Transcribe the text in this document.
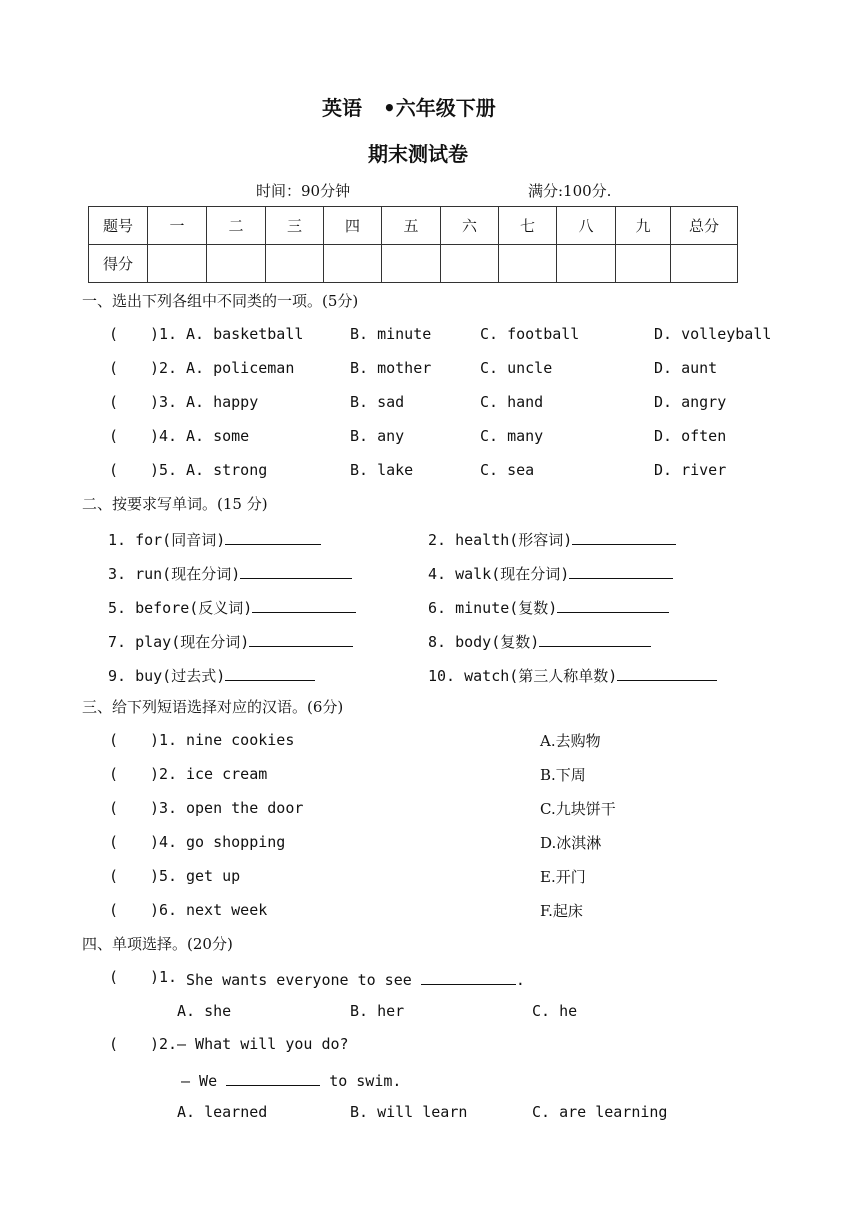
英语 •六年级下册
期末测试卷
时间：90分钟	满分:100分.
题号	一	二	三	四	五	六	七	八	九	总分
得分										
一、选出下列各组中不同类的一项。(5分)
( )1. A. basketball	B. minute	C. football	D. volleyball
( )2. A. policeman	B. mother	C. uncle	D. aunt
( )3. A. happy	B. sad	C. hand	D. angry
( )4. A. some	B. any	C. many	D. often
( )5. A. strong	B. lake	C. sea	D. river
二、按要求写单词。(15 分)
1. for(同音词)	2. health(形容词)
3. run(现在分词)	4. walk(现在分词)
5. before(反义词)	6. minute(复数)
7. play(现在分词)	8. body(复数)
9. buy(过去式)	10. watch(第三人称单数)
三、给下列短语选择对应的汉语。(6分)
( )1. nine cookies	A.去购物
( )2. ice cream	B.下周
( )3. open the door	C.九块饼干
( )4. go shopping	D.冰淇淋
( )5. get up	E.开门
( )6. next week	F.起床
四、单项选择。(20分)
( )1. She wants everyone to see	.
A. she	B. her	C. he
( )2. — What will you do?
— We	to swim.
A. learned	B. will learn	C. are learning
